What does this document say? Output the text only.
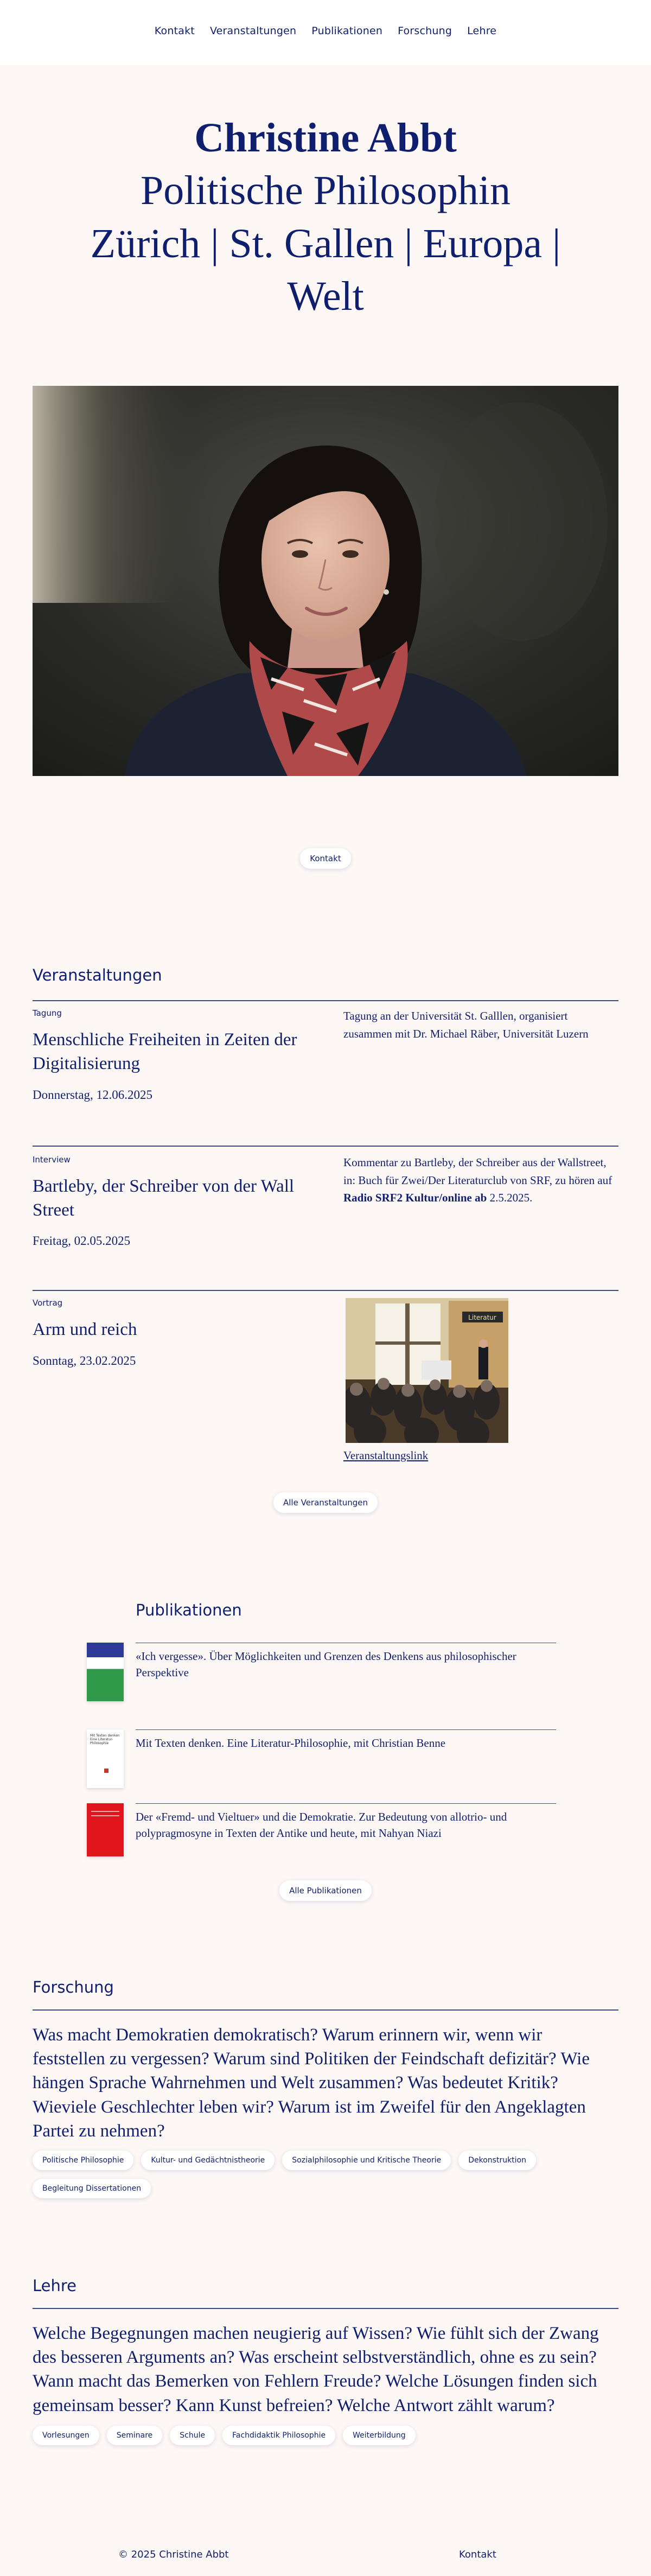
Kontakt Veranstaltungen Publikationen Forschung Lehre
Christine Abbt
Politische Philosophin
Zürich | St. Gallen | Europa |
Welt
Kontakt
Veranstaltungen
Tagung
Menschliche Freiheiten in Zeiten der Digitalisierung
Donnerstag, 12.06.2025
Tagung an der Universität St. Galllen, organisiert zusammen mit Dr. Michael Räber, Universität Luzern
Interview
Bartleby, der Schreiber von der Wall Street
Freitag, 02.05.2025
Kommentar zu Bartleby, der Schreiber aus der Wallstreet, in: Buch für Zwei/Der Literaturclub von SRF, zu hören auf Radio SRF2 Kultur/online ab 2.5.2025.
Vortrag
Arm und reich
Sonntag, 23.02.2025
Literatur
Veranstaltungslink
Alle Veranstaltungen
Publikationen
«Ich vergesse». Über Möglichkeiten und Grenzen des Denkens aus philosophischer Perspektive
Mit Texten denken Eine Literatur-Philosophie	Mit Texten denken. Eine Literatur-Philosophie, mit Christian Benne
Der «Fremd- und Vieltuer» und die Demokratie. Zur Bedeutung von allotrio- und polypragmosyne in Texten der Antike und heute, mit Nahyan Niazi
Alle Publikationen
Forschung
Was macht Demokratien demokratisch? Warum erinnern wir, wenn wir feststellen zu vergessen? Warum sind Politiken der Feindschaft defizitär? Wie hängen Sprache Wahrnehmen und Welt zusammen? Was bedeutet Kritik? Wieviele Geschlechter leben wir? Warum ist im Zweifel für den Angeklagten Partei zu nehmen?
Politische Philosophie	Kultur- und Gedächtnistheorie	Sozialphilosophie und Kritische Theorie	Dekonstruktion
Begleitung Dissertationen
Lehre
Welche Begegnungen machen neugierig auf Wissen? Wie fühlt sich der Zwang des besseren Arguments an? Was erscheint selbstverständlich, ohne es zu sein? Wann macht das Bemerken von Fehlern Freude? Welche Lösungen finden sich gemeinsam besser? Kann Kunst befreien? Welche Antwort zählt warum?
Vorlesungen	Seminare	Schule	Fachdidaktik Philosophie	Weiterbildung
© 2025 Christine Abbt	Kontakt
